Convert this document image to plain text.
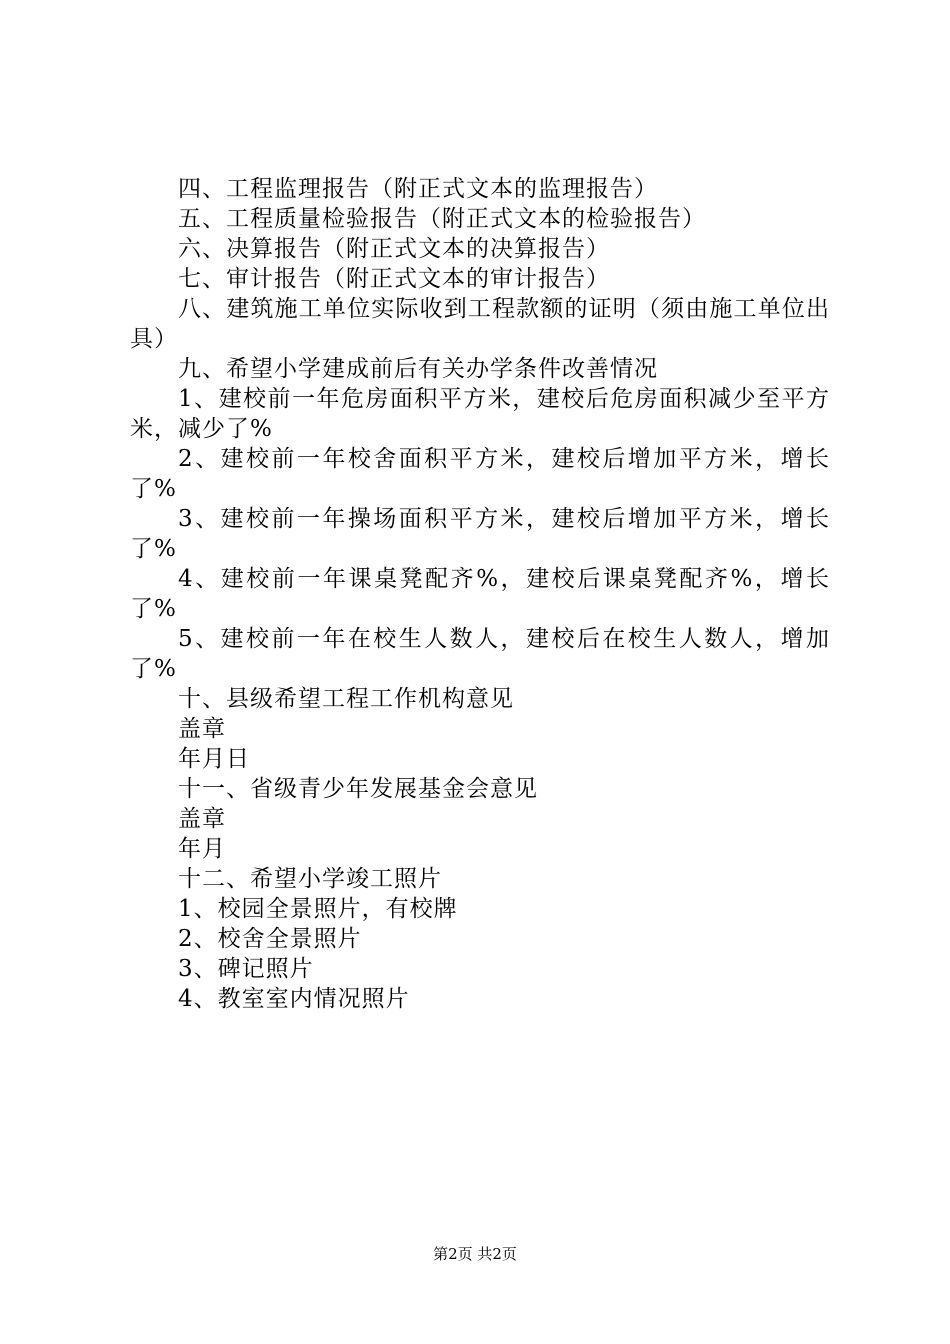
四、工程监理报告（附正式文本的监理报告）

五、工程质量检验报告（附正式文本的检验报告）

六、决算报告（附正式文本的决算报告）

七、审计报告（附正式文本的审计报告）

八、建筑施工单位实际收到工程款额的证明（须由施工单位出具）

九、希望小学建成前后有关办学条件改善情况

1、建校前一年危房面积平方米，建校后危房面积减少至平方米，减少了%

2、建校前一年校舍面积平方米，建校后增加平方米，增长了%

3、建校前一年操场面积平方米，建校后增加平方米，增长了%

4、建校前一年课桌凳配齐%，建校后课桌凳配齐%，增长了%

5、建校前一年在校生人数人，建校后在校生人数人，增加了%

十、县级希望工程工作机构意见

盖章

年月日

十一、省级青少年发展基金会意见

盖章

年月

十二、希望小学竣工照片

1、校园全景照片，有校牌

2、校舍全景照片

3、碑记照片

4、教室室内情况照片

第2页 共2页
